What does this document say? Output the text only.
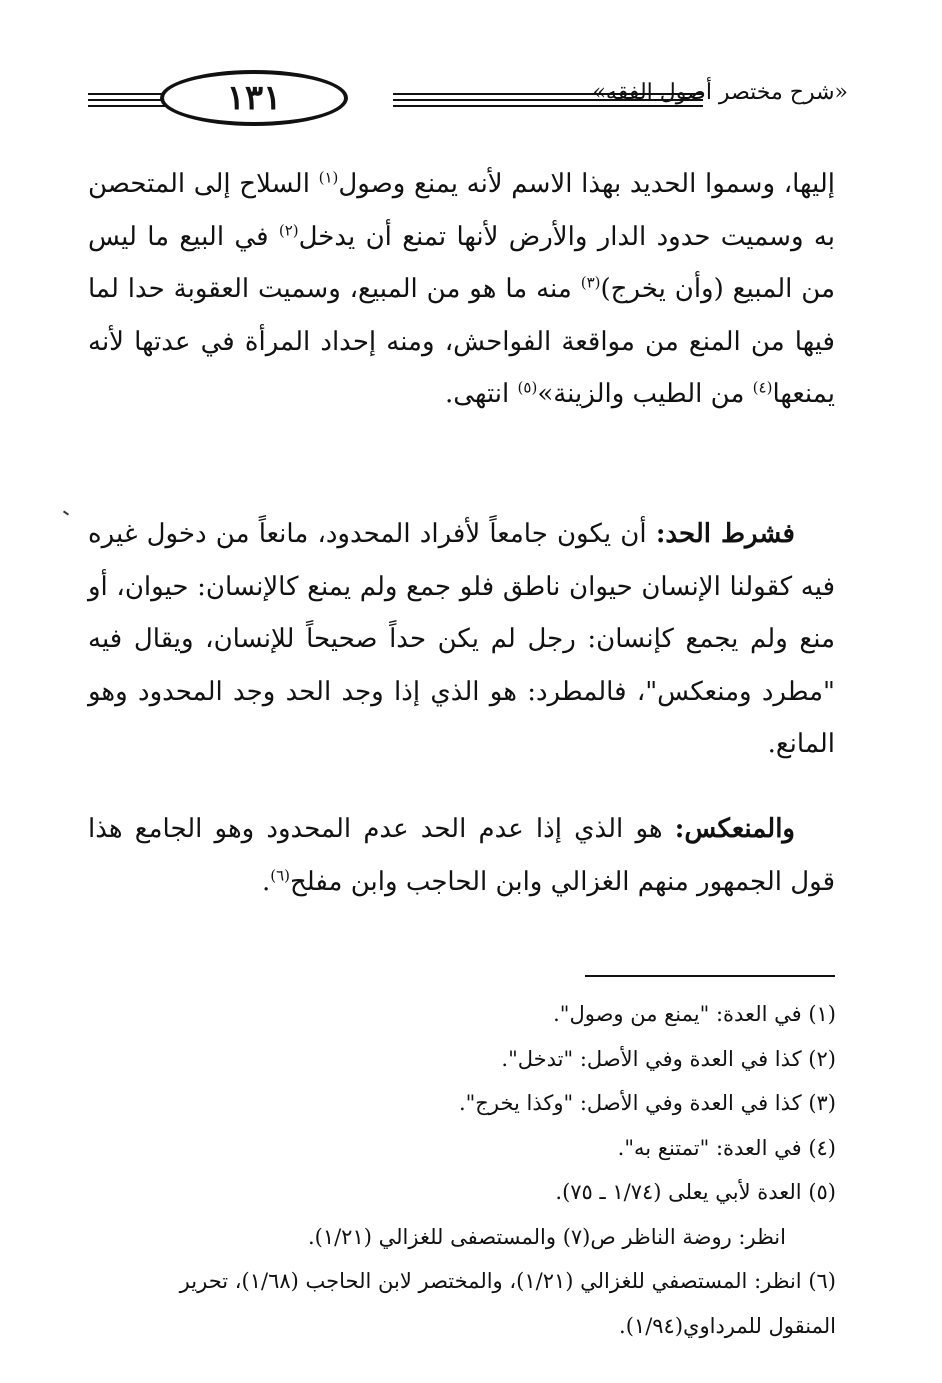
١٣١	«شرح مختصر أصول الفقه»
إليها، وسموا الحديد بهذا الاسم لأنه يمنع وصول$^{(١)}$ السلاح إلى المتحصن به وسميت حدود الدار والأرض لأنها تمنع أن يدخل$^{(٢)}$ في البيع ما ليس من المبيع (وأن يخرج)$^{(٣)}$ منه ما هو من المبيع، وسميت العقوبة حدا لما فيها من المنع من مواقعة الفواحش، ومنه إحداد المرأة في عدتها لأنه يمنعها$^{(٤)}$ من الطيب والزينة»$^{(٥)}$ انتهى.
فشرط الحد: أن يكون جامعاً لأفراد المحدود، مانعاً من دخول غيره فيه كقولنا الإنسان حيوان ناطق فلو جمع ولم يمنع كالإنسان: حيوان، أو منع ولم يجمع كإنسان: رجل لم يكن حداً صحيحاً للإنسان، ويقال فيه "مطرد ومنعكس"، فالمطرد: هو الذي إذا وجد الحد وجد المحدود وهو المانع.
والمنعكس: هو الذي إذا عدم الحد عدم المحدود وهو الجامع هذا قول الجمهور منهم الغزالي وابن الحاجب وابن مفلح$^{(٦)}$.
(١) في العدة: "يمنع من وصول".
(٢) كذا في العدة وفي الأصل: "تدخل".
(٣) كذا في العدة وفي الأصل: "وكذا يخرج".
(٤) في العدة: "تمتنع به".
(٥) العدة لأبي يعلى (١/٧٤ ـ ٧٥).
انظر: روضة الناظر ص(٧) والمستصفى للغزالي (١/٢١).
(٦) انظر: المستصفي للغزالي (١/٢١)، والمختصر لابن الحاجب (١/٦٨)، تحرير المنقول للمرداوي(١/٩٤).
